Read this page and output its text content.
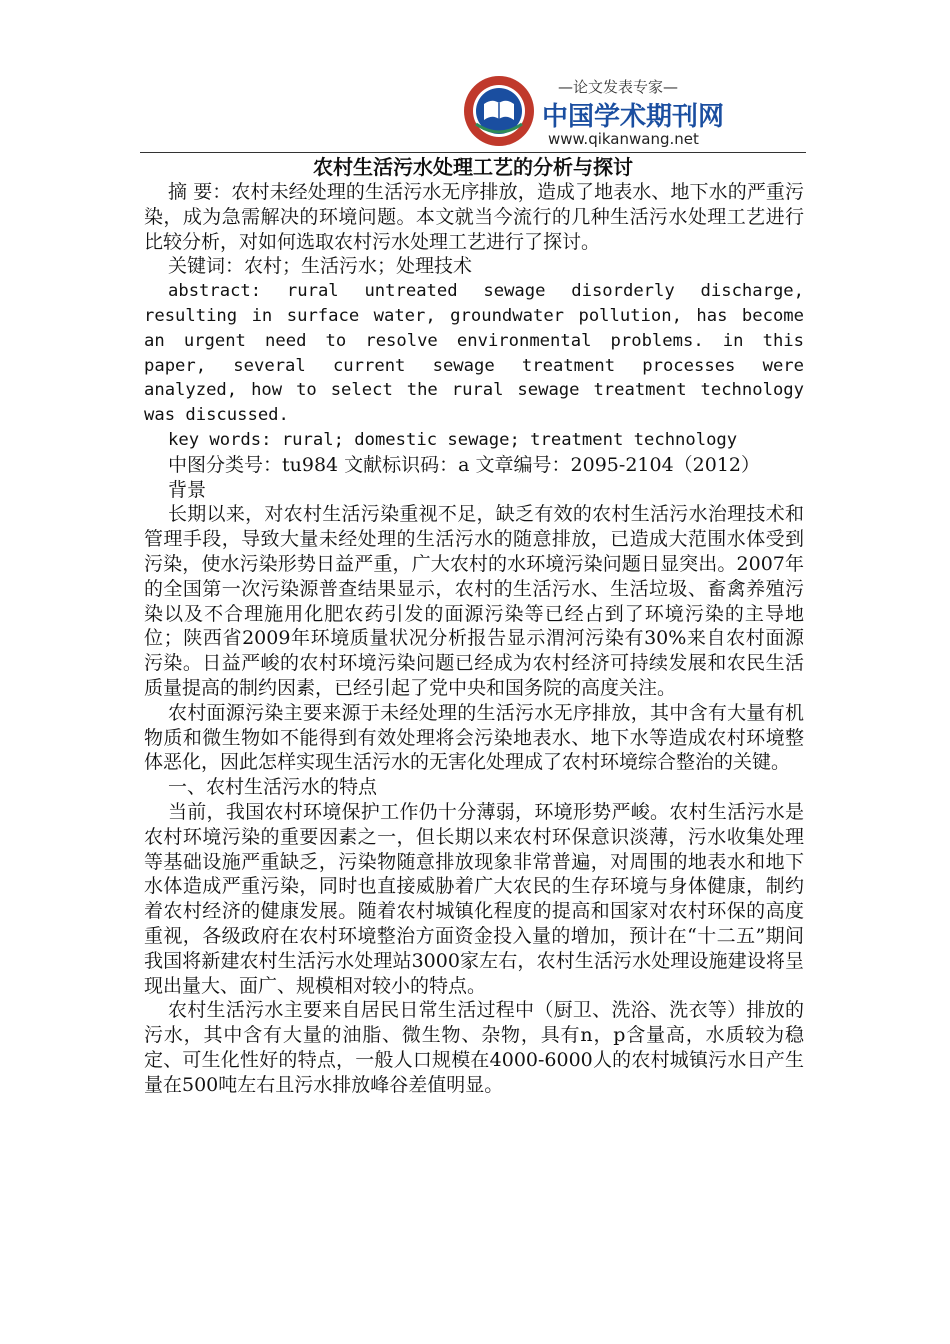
—论文发表专家—
中国学术期刊网
www.qikanwang.net
农村生活污水处理工艺的分析与探讨

摘 要：农村未经处理的生活污水无序排放，造成了地表水、地下水的严重污染，成为急需解决的环境问题。本文就当今流行的几种生活污水处理工艺进行比较分析，对如何选取农村污水处理工艺进行了探讨。

关键词：农村；生活污水；处理技术

abstract: rural untreated sewage disorderly discharge, resulting in surface water, groundwater pollution, has become an urgent need to resolve environmental problems. in this paper, several current sewage treatment processes were analyzed, how to select the rural sewage treatment technology was discussed.

key words: rural; domestic sewage; treatment technology

中图分类号：tu984 文献标识码：a 文章编号：2095-2104（2012）

背景

长期以来，对农村生活污染重视不足，缺乏有效的农村生活污水治理技术和管理手段，导致大量未经处理的生活污水的随意排放，已造成大范围水体受到污染，使水污染形势日益严重，广大农村的水环境污染问题日显突出。2007年的全国第一次污染源普查结果显示，农村的生活污水、生活垃圾、畜禽养殖污染以及不合理施用化肥农药引发的面源污染等已经占到了环境污染的主导地位；陕西省2009年环境质量状况分析报告显示渭河污染有30%来自农村面源污染。日益严峻的农村环境污染问题已经成为农村经济可持续发展和农民生活质量提高的制约因素，已经引起了党中央和国务院的高度关注。

农村面源污染主要来源于未经处理的生活污水无序排放，其中含有大量有机物质和微生物如不能得到有效处理将会污染地表水、地下水等造成农村环境整体恶化，因此怎样实现生活污水的无害化处理成了农村环境综合整治的关键。

一、农村生活污水的特点

当前，我国农村环境保护工作仍十分薄弱，环境形势严峻。农村生活污水是农村环境污染的重要因素之一，但长期以来农村环保意识淡薄，污水收集处理等基础设施严重缺乏，污染物随意排放现象非常普遍，对周围的地表水和地下水体造成严重污染，同时也直接威胁着广大农民的生存环境与身体健康，制约着农村经济的健康发展。随着农村城镇化程度的提高和国家对农村环保的高度重视，各级政府在农村环境整治方面资金投入量的增加，预计在“十二五”期间我国将新建农村生活污水处理站3000家左右，农村生活污水处理设施建设将呈现出量大、面广、规模相对较小的特点。

农村生活污水主要来自居民日常生活过程中（厨卫、洗浴、洗衣等）排放的污水，其中含有大量的油脂、微生物、杂物，具有n，p含量高，水质较为稳定、可生化性好的特点，一般人口规模在4000-6000人的农村城镇污水日产生量在500吨左右且污水排放峰谷差值明显。
